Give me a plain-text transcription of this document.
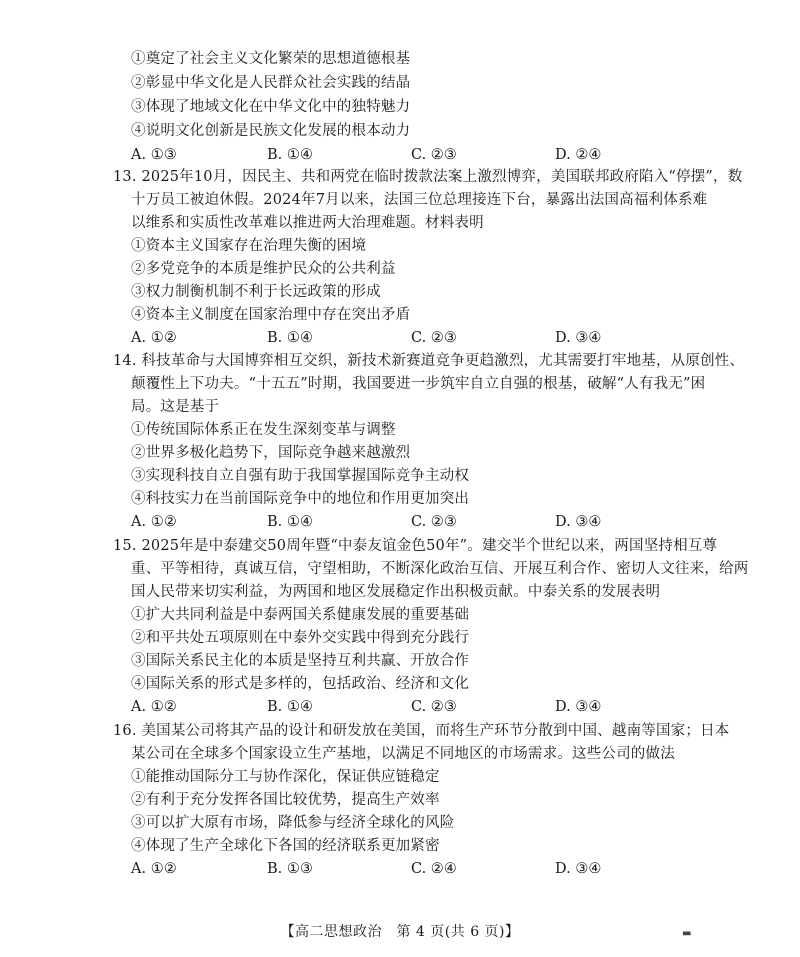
①奠定了社会主义文化繁荣的思想道德根基
②彰显中华文化是人民群众社会实践的结晶
③体现了地域文化在中华文化中的独特魅力
④说明文化创新是民族文化发展的根本动力
A. ①③	B. ①④	C. ②③	D. ②④
13. 2025年10月，因民主、共和两党在临时拨款法案上激烈博弈，美国联邦政府陷入“停摆”，数
十万员工被迫休假。2024年7月以来，法国三位总理接连下台，暴露出法国高福利体系难
以维系和实质性改革难以推进两大治理难题。材料表明
①资本主义国家存在治理失衡的困境
②多党竞争的本质是维护民众的公共利益
③权力制衡机制不利于长远政策的形成
④资本主义制度在国家治理中存在突出矛盾
A. ①②	B. ①④	C. ②③	D. ③④
14. 科技革命与大国博弈相互交织，新技术新赛道竞争更趋激烈，尤其需要打牢地基，从原创性、
颠覆性上下功夫。“十五五”时期，我国要进一步筑牢自立自强的根基，破解“人有我无”困
局。这是基于
①传统国际体系正在发生深刻变革与调整
②世界多极化趋势下，国际竞争越来越激烈
③实现科技自立自强有助于我国掌握国际竞争主动权
④科技实力在当前国际竞争中的地位和作用更加突出
A. ①②	B. ①④	C. ②③	D. ③④
15. 2025年是中泰建交50周年暨“中泰友谊金色50年”。建交半个世纪以来，两国坚持相互尊
重、平等相待，真诚互信，守望相助，不断深化政治互信、开展互利合作、密切人文往来，给两
国人民带来切实利益，为两国和地区发展稳定作出积极贡献。中泰关系的发展表明
①扩大共同利益是中泰两国关系健康发展的重要基础
②和平共处五项原则在中泰外交实践中得到充分践行
③国际关系民主化的本质是坚持互利共赢、开放合作
④国际关系的形式是多样的，包括政治、经济和文化
A. ①②	B. ①④	C. ②③	D. ③④
16. 美国某公司将其产品的设计和研发放在美国，而将生产环节分散到中国、越南等国家；日本
某公司在全球多个国家设立生产基地，以满足不同地区的市场需求。这些公司的做法
①能推动国际分工与协作深化，保证供应链稳定
②有利于充分发挥各国比较优势，提高生产效率
③可以扩大原有市场，降低参与经济全球化的风险
④体现了生产全球化下各国的经济联系更加紧密
A. ①②	B. ①③	C. ②④	D. ③④
【高二思想政治　第 4 页(共 6 页)】	▬
